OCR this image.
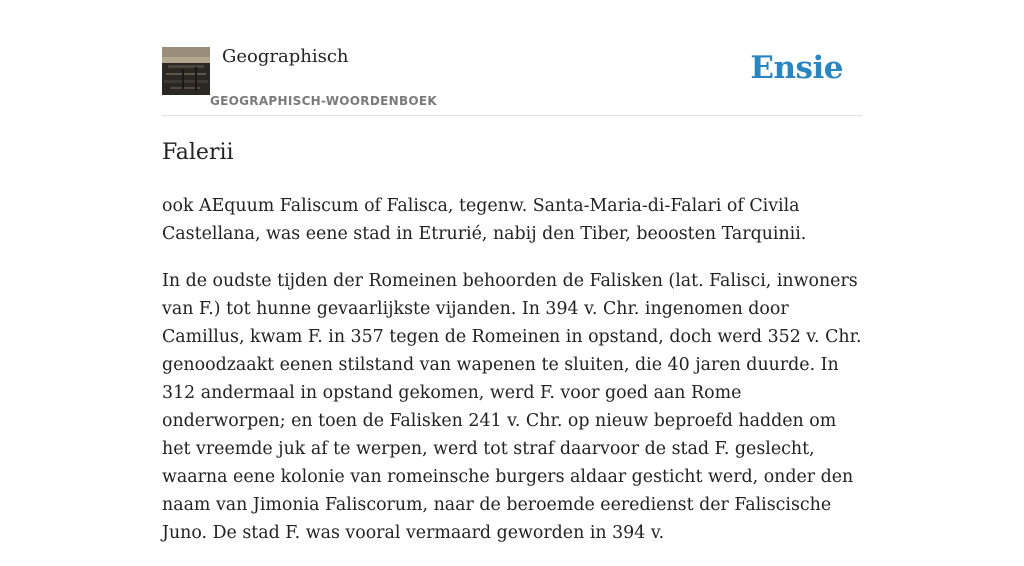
Geographisch
GEOGRAPHISCH-WOORDENBOEK
Ensie
Falerii

ook AEquum Faliscum of Falisca, tegenw. Santa-Maria-di-Falari of Civila Castellana, was eene stad in Etrurié, nabij den Tiber, beoosten Tarquinii.

In de oudste tijden der Romeinen behoorden de Falisken (lat. Falisci, inwoners van F.) tot hunne gevaarlijkste vijanden. In 394 v. Chr. ingenomen door Camillus, kwam F. in 357 tegen de Romeinen in opstand, doch werd 352 v. Chr. genoodzaakt eenen stilstand van wapenen te sluiten, die 40 jaren duurde. In 312 andermaal in opstand gekomen, werd F. voor goed aan Rome onderworpen; en toen de Falisken 241 v. Chr. op nieuw beproefd hadden om het vreemde juk af te werpen, werd tot straf daarvoor de stad F. geslecht, waarna eene kolonie van romeinsche burgers aldaar gesticht werd, onder den naam van Jimonia Faliscorum, naar de beroemde eeredienst der Faliscische Juno. De stad F. was vooral vermaard geworden in 394 v.
